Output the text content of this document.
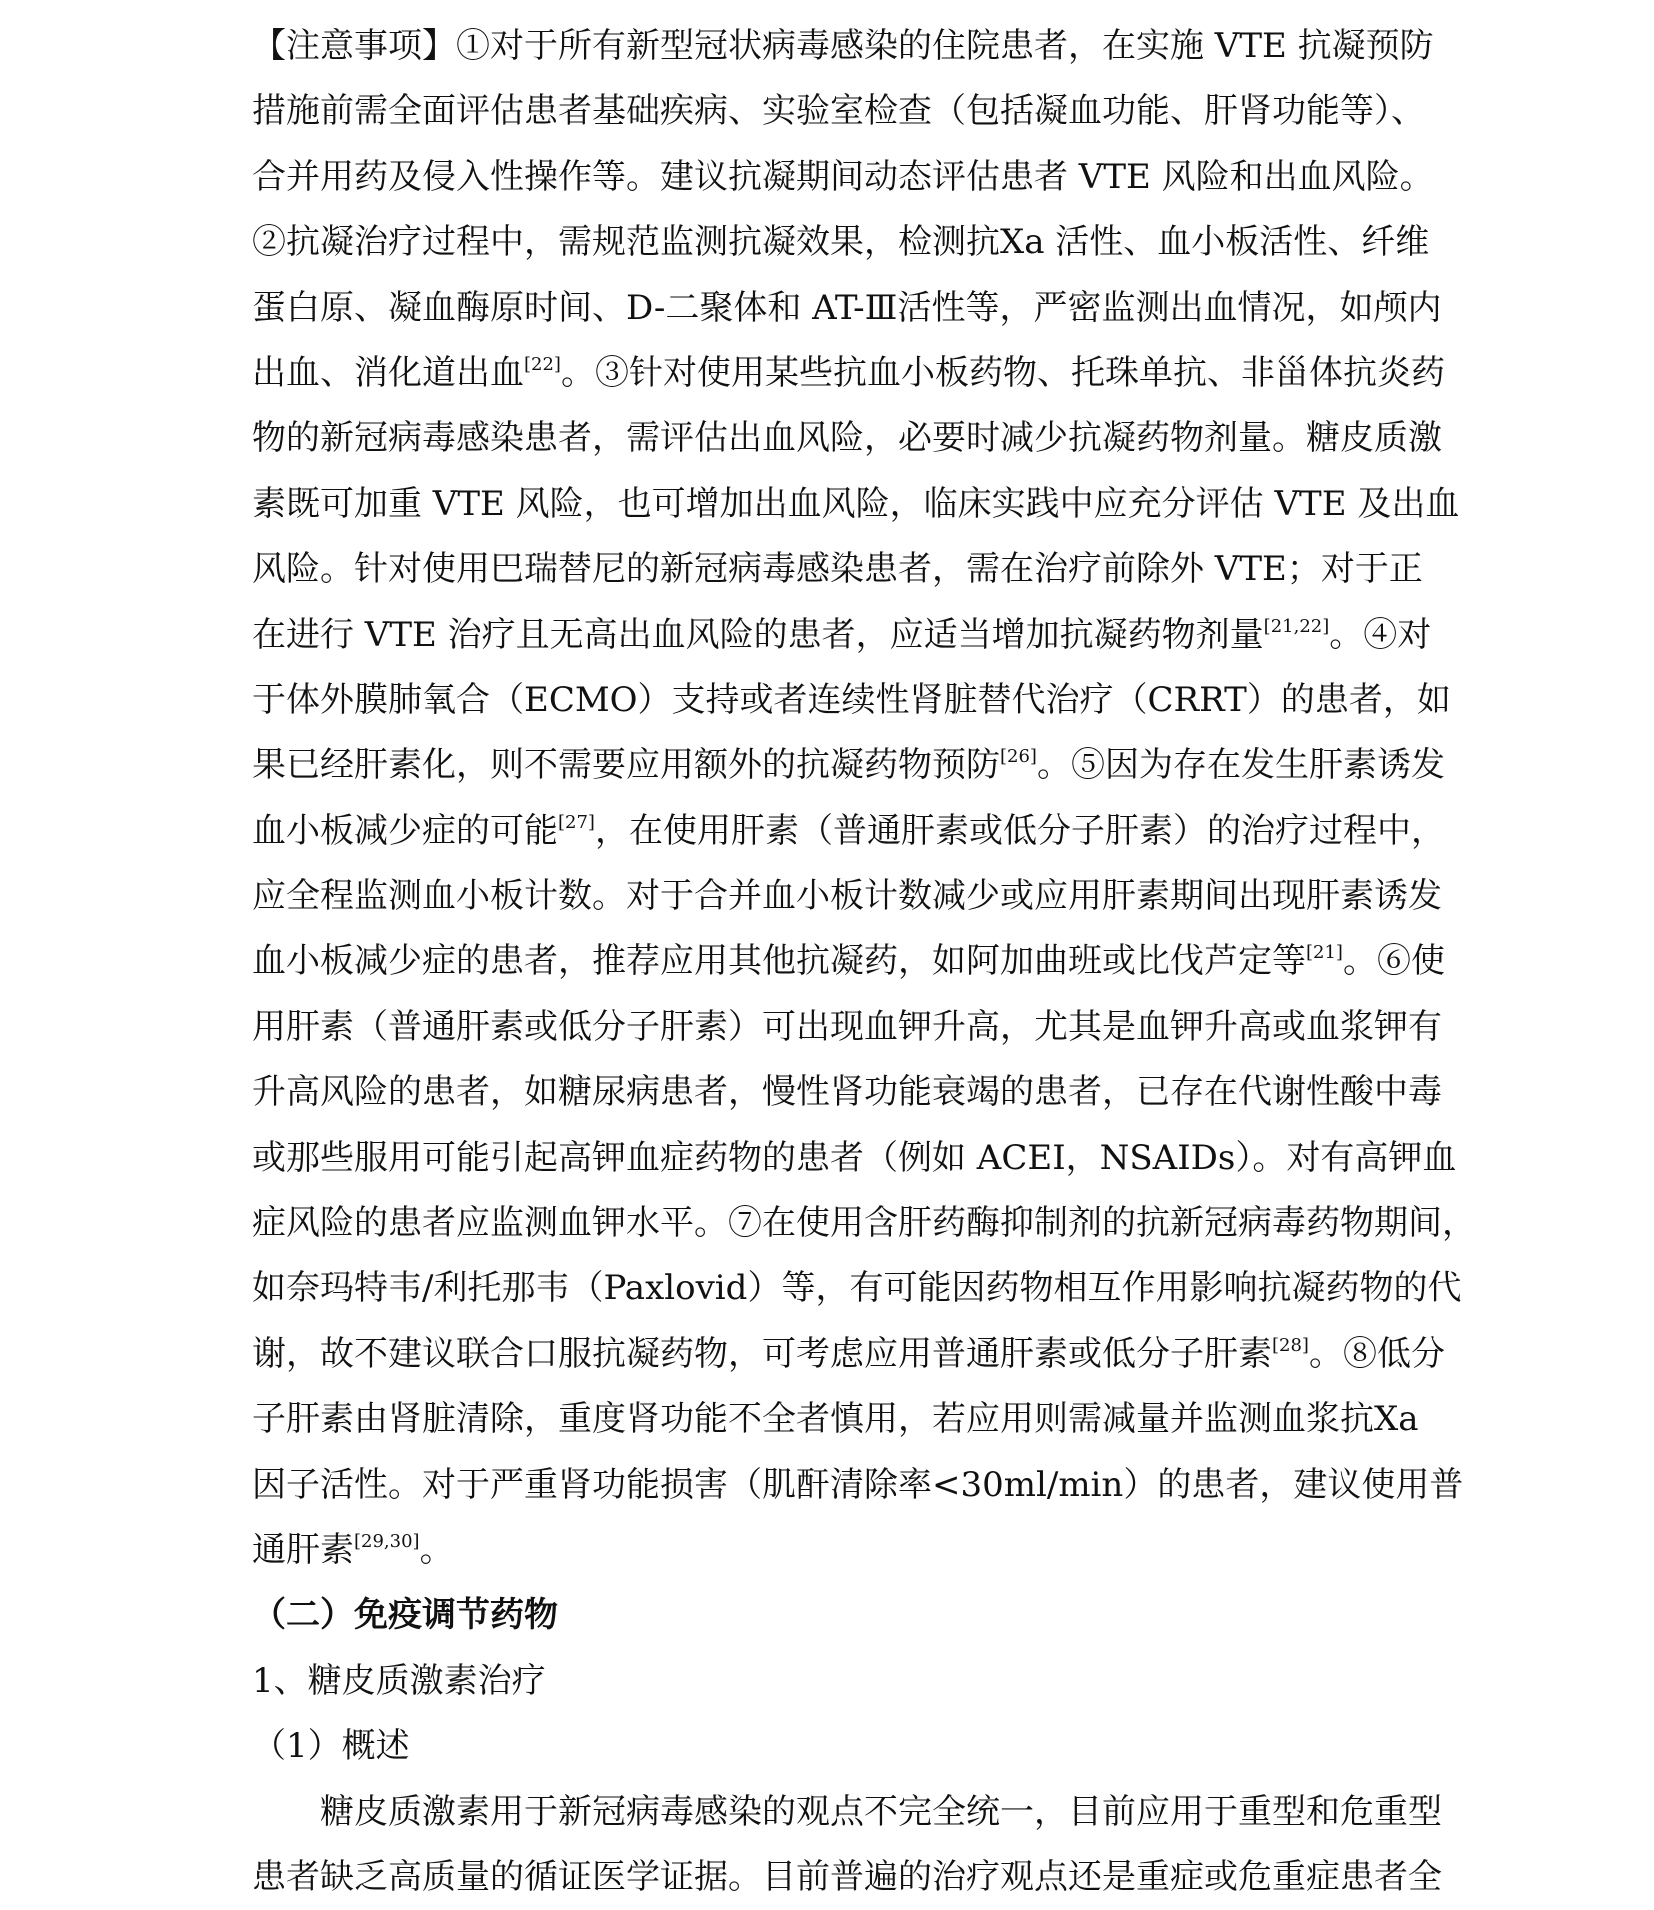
【注意事项】①对于所有新型冠状病毒感染的住院患者，在实施 VTE 抗凝预防
措施前需全面评估患者基础疾病、实验室检查（包括凝血功能、肝肾功能等）、
合并用药及侵入性操作等。建议抗凝期间动态评估患者 VTE 风险和出血风险。
②抗凝治疗过程中，需规范监测抗凝效果，检测抗Ⅹa 活性、血小板活性、纤维
蛋白原、凝血酶原时间、D-二聚体和 AT-Ⅲ活性等，严密监测出血情况，如颅内
出血、消化道出血[22]。③针对使用某些抗血小板药物、托珠单抗、非甾体抗炎药
物的新冠病毒感染患者，需评估出血风险，必要时减少抗凝药物剂量。糖皮质激
素既可加重 VTE 风险，也可增加出血风险，临床实践中应充分评估 VTE 及出血
风险。针对使用巴瑞替尼的新冠病毒感染患者，需在治疗前除外 VTE；对于正
在进行 VTE 治疗且无高出血风险的患者，应适当增加抗凝药物剂量[21,22]。④对
于体外膜肺氧合（ECMO）支持或者连续性肾脏替代治疗（CRRT）的患者，如
果已经肝素化，则不需要应用额外的抗凝药物预防[26]。⑤因为存在发生肝素诱发
血小板减少症的可能[27]，在使用肝素（普通肝素或低分子肝素）的治疗过程中，
应全程监测血小板计数。对于合并血小板计数减少或应用肝素期间出现肝素诱发
血小板减少症的患者，推荐应用其他抗凝药，如阿加曲班或比伐芦定等[21]。⑥使
用肝素（普通肝素或低分子肝素）可出现血钾升高，尤其是血钾升高或血浆钾有
升高风险的患者，如糖尿病患者，慢性肾功能衰竭的患者，已存在代谢性酸中毒
或那些服用可能引起高钾血症药物的患者（例如 ACEI，NSAIDs）。对有高钾血
症风险的患者应监测血钾水平。⑦在使用含肝药酶抑制剂的抗新冠病毒药物期间，
如奈玛特韦/利托那韦（Paxlovid）等，有可能因药物相互作用影响抗凝药物的代
谢，故不建议联合口服抗凝药物，可考虑应用普通肝素或低分子肝素[28]。⑧低分
子肝素由肾脏清除，重度肾功能不全者慎用，若应用则需减量并监测血浆抗Ⅹa
因子活性。对于严重肾功能损害（肌酐清除率<30ml/min）的患者，建议使用普
通肝素[29,30]。
（二）免疫调节药物
1、糖皮质激素治疗
（1）概述
糖皮质激素用于新冠病毒感染的观点不完全统一，目前应用于重型和危重型
患者缺乏高质量的循证医学证据。目前普遍的治疗观点还是重症或危重症患者全
